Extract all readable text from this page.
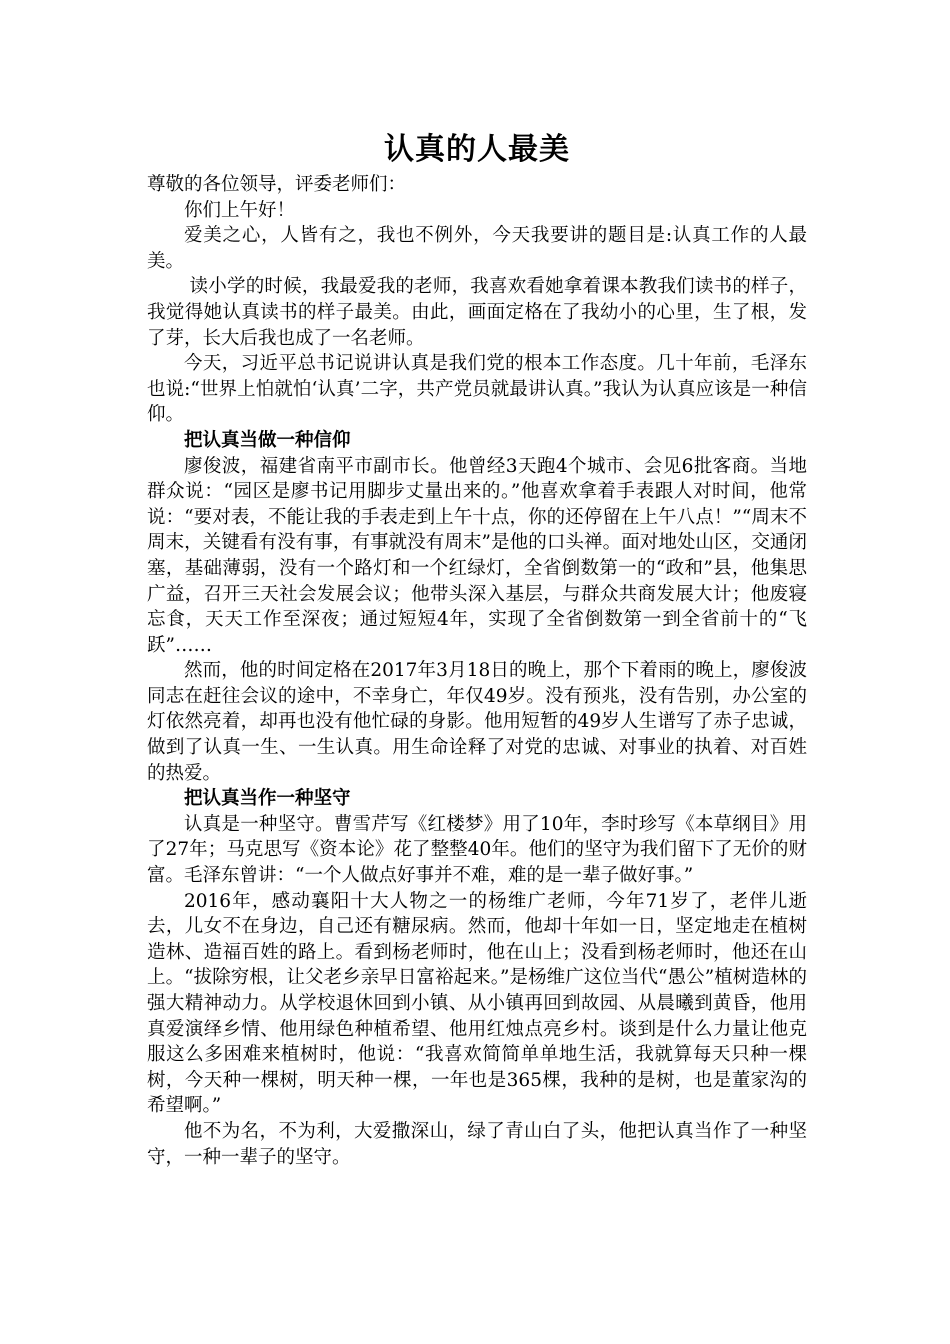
认真的人最美

尊敬的各位领导，评委老师们：

你们上午好！

爱美之心，人皆有之，我也不例外，今天我要讲的题目是:认真工作的人最美。

读小学的时候，我最爱我的老师，我喜欢看她拿着课本教我们读书的样子，我觉得她认真读书的样子最美。由此，画面定格在了我幼小的心里，生了根，发了芽，长大后我也成了一名老师。

今天，习近平总书记说讲认真是我们党的根本工作态度。几十年前，毛泽东也说:“世界上怕就怕‘认真’二字，共产党员就最讲认真。”我认为认真应该是一种信仰。

把认真当做一种信仰

廖俊波，福建省南平市副市长。他曾经3天跑4个城市、会见6批客商。当地群众说：“园区是廖书记用脚步丈量出来的。”他喜欢拿着手表跟人对时间，他常说：“要对表，不能让我的手表走到上午十点，你的还停留在上午八点！”“周末不周末，关键看有没有事，有事就没有周末”是他的口头禅。面对地处山区，交通闭塞，基础薄弱，没有一个路灯和一个红绿灯，全省倒数第一的“政和”县，他集思广益，召开三天社会发展会议；他带头深入基层，与群众共商发展大计；他废寝忘食，天天工作至深夜；通过短短4年，实现了全省倒数第一到全省前十的“飞跃”……

然而，他的时间定格在2017年3月18日的晚上，那个下着雨的晚上，廖俊波同志在赶往会议的途中，不幸身亡，年仅49岁。没有预兆，没有告别，办公室的灯依然亮着，却再也没有他忙碌的身影。他用短暂的49岁人生谱写了赤子忠诚，做到了认真一生、一生认真。用生命诠释了对党的忠诚、对事业的执着、对百姓的热爱。

把认真当作一种坚守

认真是一种坚守。曹雪芹写《红楼梦》用了10年，李时珍写《本草纲目》用了27年；马克思写《资本论》花了整整40年。他们的坚守为我们留下了无价的财富。毛泽东曾讲：“一个人做点好事并不难，难的是一辈子做好事。”

2016年，感动襄阳十大人物之一的杨维广老师，今年71岁了，老伴儿逝去，儿女不在身边，自己还有糖尿病。然而，他却十年如一日，坚定地走在植树造林、造福百姓的路上。看到杨老师时，他在山上；没看到杨老师时，他还在山上。“拔除穷根，让父老乡亲早日富裕起来。”是杨维广这位当代“愚公”植树造林的强大精神动力。从学校退休回到小镇、从小镇再回到故园、从晨曦到黄昏，他用真爱演绎乡情、他用绿色种植希望、他用红烛点亮乡村。谈到是什么力量让他克服这么多困难来植树时，他说：“我喜欢简简单单地生活，我就算每天只种一棵树，今天种一棵树，明天种一棵，一年也是365棵，我种的是树，也是董家沟的希望啊。”

他不为名，不为利，大爱撒深山，绿了青山白了头，他把认真当作了一种坚守，一种一辈子的坚守。
